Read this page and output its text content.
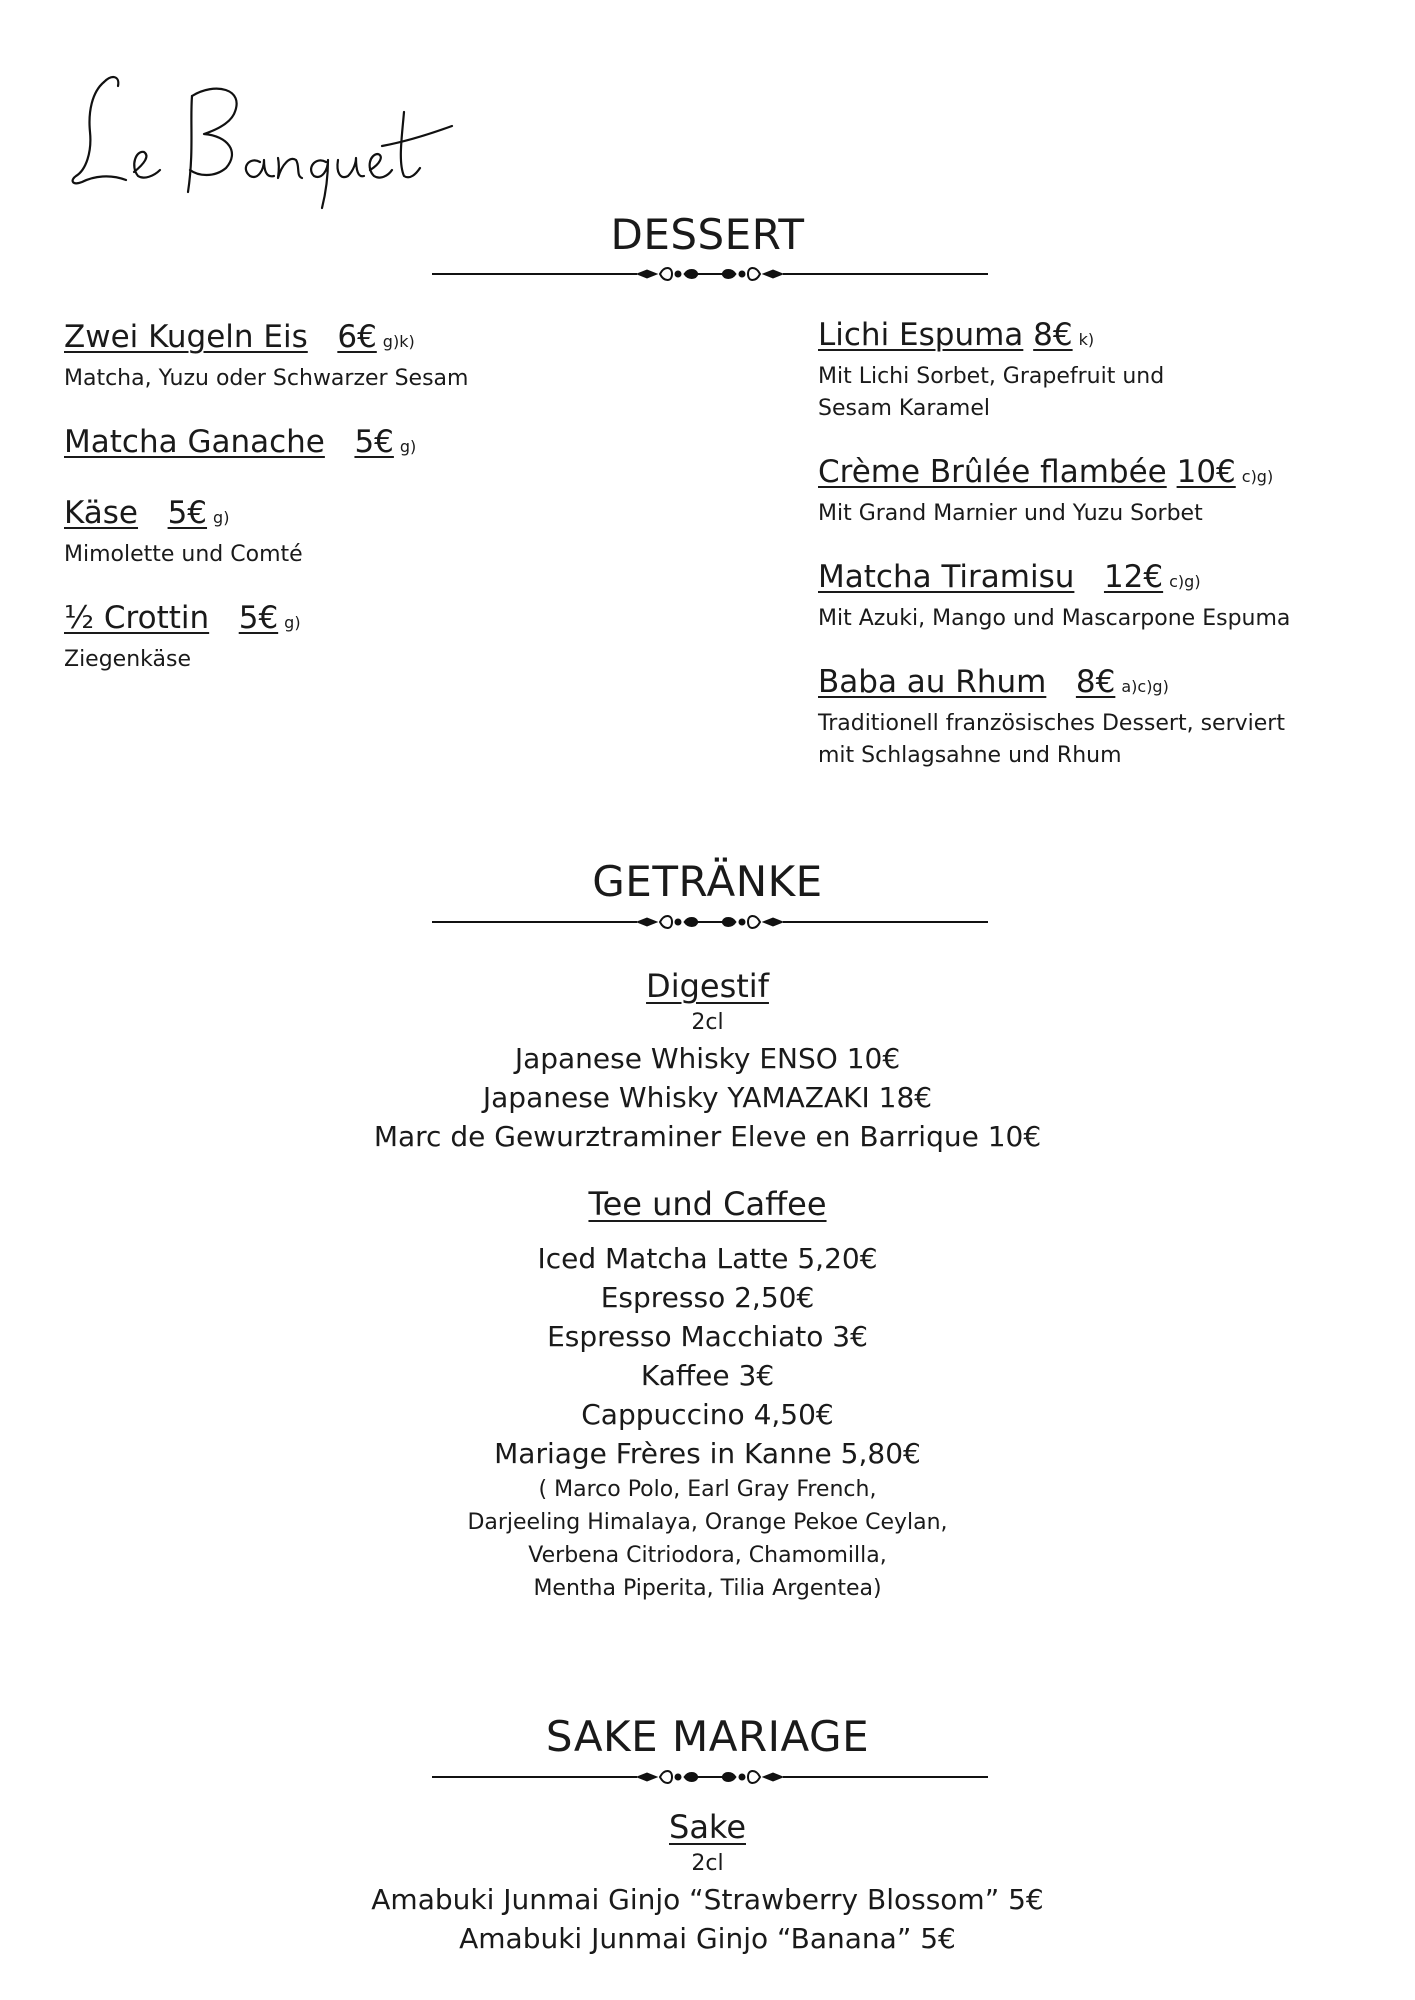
DESSERT
Zwei Kugeln Eis 6€ g)k)
Matcha, Yuzu oder Schwarzer Sesam
Matcha Ganache 5€ g)
Käse 5€ g)
Mimolette und Comté
½ Crottin 5€ g)
Ziegenkäse
Lichi Espuma 8€ k)
Mit Lichi Sorbet, Grapefruit und
Sesam Karamel
Crème Brûlée flambée 10€ c)g)
Mit Grand Marnier und Yuzu Sorbet
Matcha Tiramisu 12€ c)g)
Mit Azuki, Mango und Mascarpone Espuma
Baba au Rhum 8€ a)c)g)
Traditionell französisches Dessert, serviert
mit Schlagsahne und Rhum
GETRÄNKE
Digestif
2cl
Japanese Whisky ENSO 10€
Japanese Whisky YAMAZAKI 18€
Marc de Gewurztraminer Eleve en Barrique 10€
Tee und Caffee
Iced Matcha Latte 5,20€
Espresso 2,50€
Espresso Macchiato 3€
Kaffee 3€
Cappuccino 4,50€
Mariage Frères in Kanne 5,80€
( Marco Polo, Earl Gray French,
Darjeeling Himalaya, Orange Pekoe Ceylan,
Verbena Citriodora, Chamomilla,
Mentha Piperita, Tilia Argentea)
SAKE MARIAGE
Sake
2cl
Amabuki Junmai Ginjo “Strawberry Blossom” 5€
Amabuki Junmai Ginjo “Banana” 5€
